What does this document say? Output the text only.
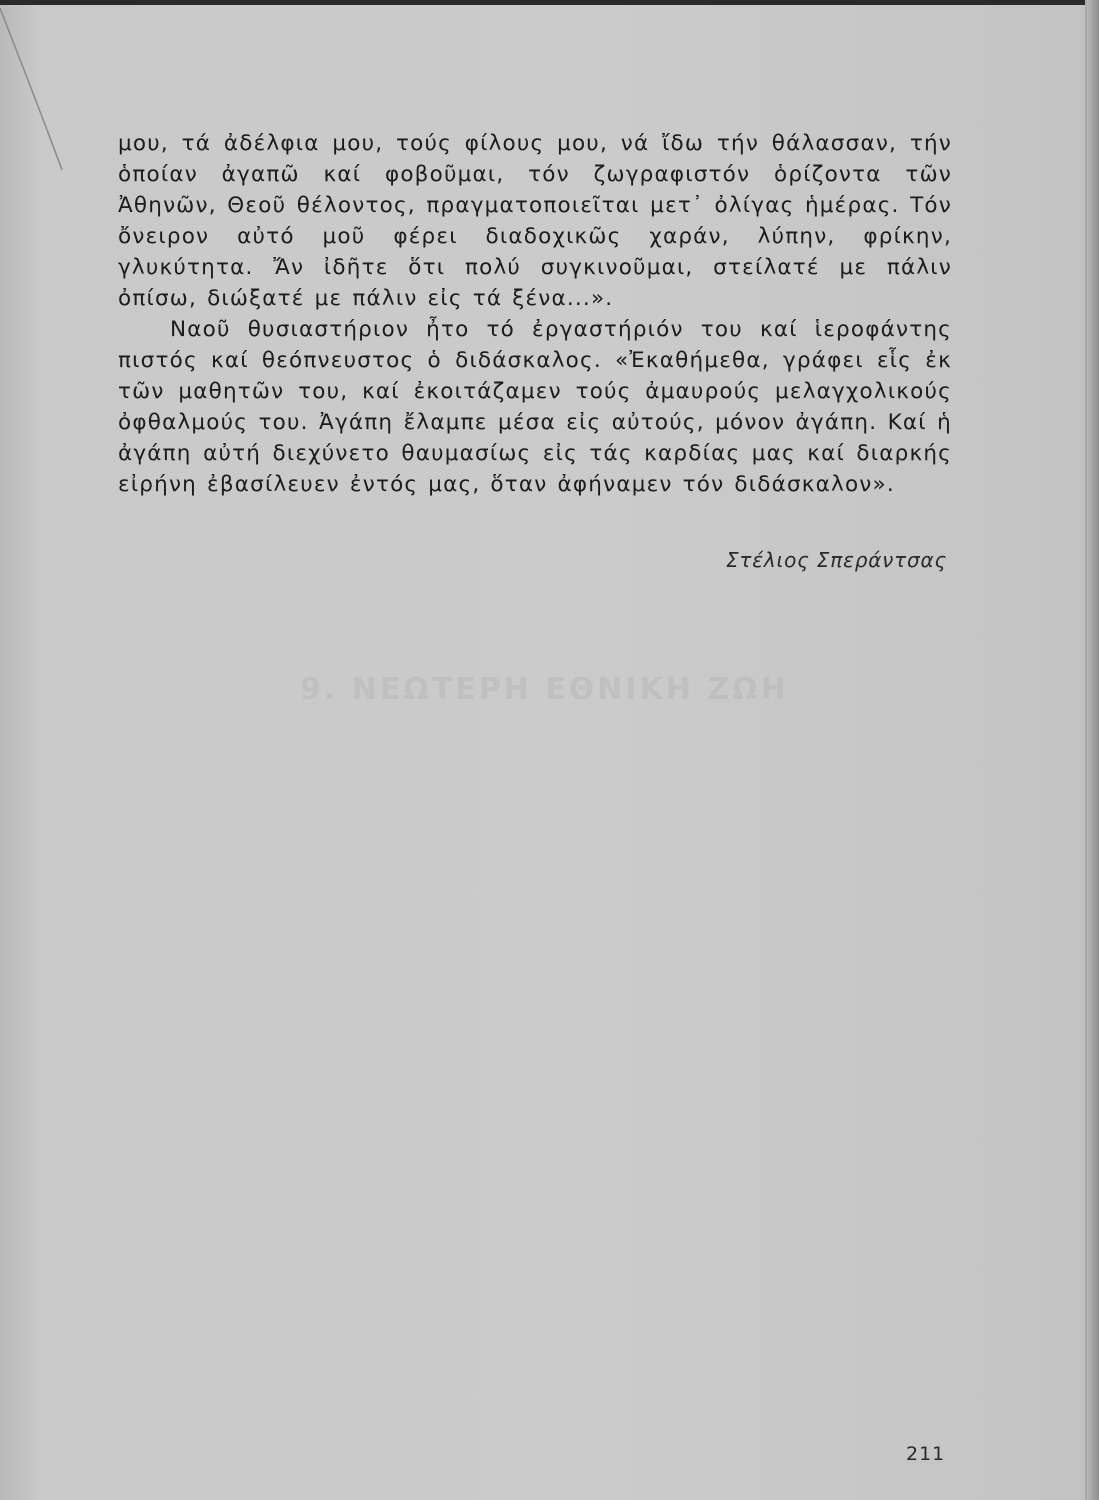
9. ΝΕΩΤΕΡΗ ΕΘΝΙΚΗ ΖΩΗ

μου, τά ἀδέλφια μου, τούς φίλους μου, νά ἴδω τήν θάλασσαν, τήν ὁποίαν ἀγαπῶ καί φοβοῦμαι, τόν ζωγραφιστόν ὁρίζοντα τῶν Ἀθηνῶν, Θεοῦ θέλοντος, πραγματοποιεῖται μετ᾽ ὀλίγας ἡμέρας. Τόν ὄνειρον αὐτό μοῦ φέρει διαδοχικῶς χαράν, λύπην, φρίκην, γλυκύτητα. Ἄν ἰδῆτε ὅτι πολύ συγκινοῦμαι, στείλατέ με πάλιν ὀπίσω, διώξατέ με πάλιν εἰς τά ξένα...».

Ναοῦ θυσιαστήριον ἦτο τό ἐργαστήριόν του καί ἱεροφάντης πιστός καί θεόπνευστος ὁ διδάσκαλος. «Ἐκαθήμεθα, γράφει εἷς ἐκ τῶν μαθητῶν του, καί ἐκοιτάζαμεν τούς ἀμαυρούς μελαγχολικούς ὀφθαλμούς του. Ἀγάπη ἔλαμπε μέσα εἰς αὐτούς, μόνον ἀγάπη. Καί ἡ ἀγάπη αὐτή διεχύνετο θαυμασίως εἰς τάς καρδίας μας καί διαρκής εἰρήνη ἐβασίλευεν ἐντός μας, ὅταν ἀφήναμεν τόν διδάσκαλον».

Στέλιος Σπεράντσας
211
